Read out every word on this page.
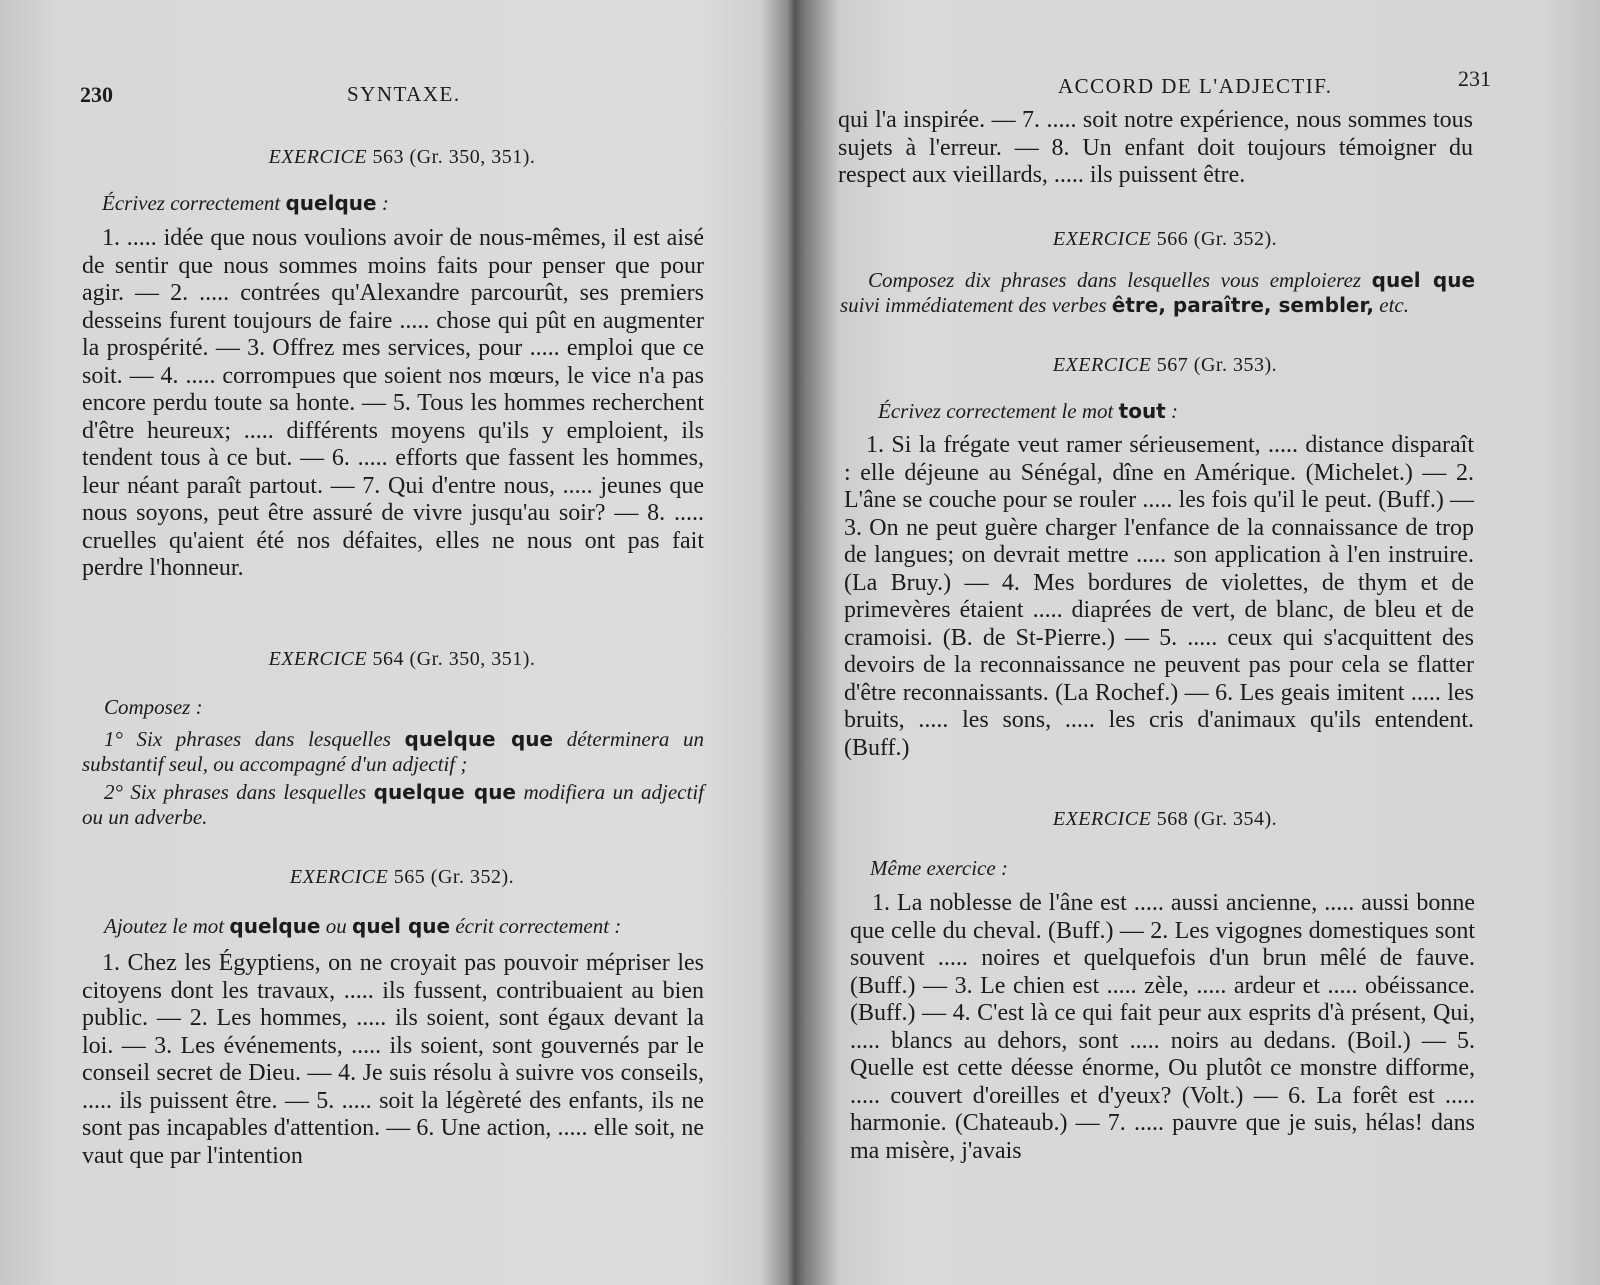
230	SYNTAXE.
EXERCICE 563 (Gr. 350, 351).
Écrivez correctement quelque :
1. ..... idée que nous voulions avoir de nous-mêmes, il est aisé de sentir que nous sommes moins faits pour penser que pour agir. — 2. ..... contrées qu'Alexandre parcourût, ses premiers desseins furent toujours de faire ..... chose qui pût en augmenter la prospérité. — 3. Offrez mes services, pour ..... emploi que ce soit. — 4. ..... corrompues que soient nos mœurs, le vice n'a pas encore perdu toute sa honte. — 5. Tous les hommes recherchent d'être heureux; ..... différents moyens qu'ils y emploient, ils tendent tous à ce but. — 6. ..... efforts que fassent les hommes, leur néant paraît partout. — 7. Qui d'entre nous, ..... jeunes que nous soyons, peut être assuré de vivre jusqu'au soir? — 8. ..... cruelles qu'aient été nos défaites, elles ne nous ont pas fait perdre l'honneur.
EXERCICE 564 (Gr. 350, 351).
Composez :
1° Six phrases dans lesquelles quelque que déterminera un substantif seul, ou accompagné d'un adjectif ;
2° Six phrases dans lesquelles quelque que modifiera un adjectif ou un adverbe.
EXERCICE 565 (Gr. 352).
Ajoutez le mot quelque ou quel que écrit correctement :
1. Chez les Égyptiens, on ne croyait pas pouvoir mépriser les citoyens dont les travaux, ..... ils fussent, contribuaient au bien public. — 2. Les hommes, ..... ils soient, sont égaux devant la loi. — 3. Les événements, ..... ils soient, sont gouvernés par le conseil secret de Dieu. — 4. Je suis résolu à suivre vos conseils, ..... ils puissent être. — 5. ..... soit la légèreté des enfants, ils ne sont pas incapables d'attention. — 6. Une action, ..... elle soit, ne vaut que par l'intention
ACCORD DE L'ADJECTIF.	231
qui l'a inspirée. — 7. ..... soit notre expérience, nous sommes tous sujets à l'erreur. — 8. Un enfant doit toujours témoigner du respect aux vieillards, ..... ils puissent être.
EXERCICE 566 (Gr. 352).
Composez dix phrases dans lesquelles vous emploierez quel que suivi immédiatement des verbes être, paraître, sembler, etc.
EXERCICE 567 (Gr. 353).
Écrivez correctement le mot tout :
1. Si la frégate veut ramer sérieusement, ..... distance disparaît : elle déjeune au Sénégal, dîne en Amérique. (Michelet.) — 2. L'âne se couche pour se rouler ..... les fois qu'il le peut. (Buff.) — 3. On ne peut guère charger l'enfance de la connaissance de trop de langues; on devrait mettre ..... son application à l'en instruire. (La Bruy.) — 4. Mes bordures de violettes, de thym et de primevères étaient ..... diaprées de vert, de blanc, de bleu et de cramoisi. (B. de St-Pierre.) — 5. ..... ceux qui s'acquittent des devoirs de la reconnaissance ne peuvent pas pour cela se flatter d'être reconnaissants. (La Rochef.) — 6. Les geais imitent ..... les bruits, ..... les sons, ..... les cris d'animaux qu'ils entendent. (Buff.)
EXERCICE 568 (Gr. 354).
Même exercice :
1. La noblesse de l'âne est ..... aussi ancienne, ..... aussi bonne que celle du cheval. (Buff.) — 2. Les vigognes domestiques sont souvent ..... noires et quelquefois d'un brun mêlé de fauve. (Buff.) — 3. Le chien est ..... zèle, ..... ardeur et ..... obéissance. (Buff.) — 4. C'est là ce qui fait peur aux esprits d'à présent, Qui, ..... blancs au dehors, sont ..... noirs au dedans. (Boil.) — 5. Quelle est cette déesse énorme, Ou plutôt ce monstre difforme, ..... couvert d'oreilles et d'yeux? (Volt.) — 6. La forêt est ..... harmonie. (Chateaub.) — 7. ..... pauvre que je suis, hélas! dans ma misère, j'avais
